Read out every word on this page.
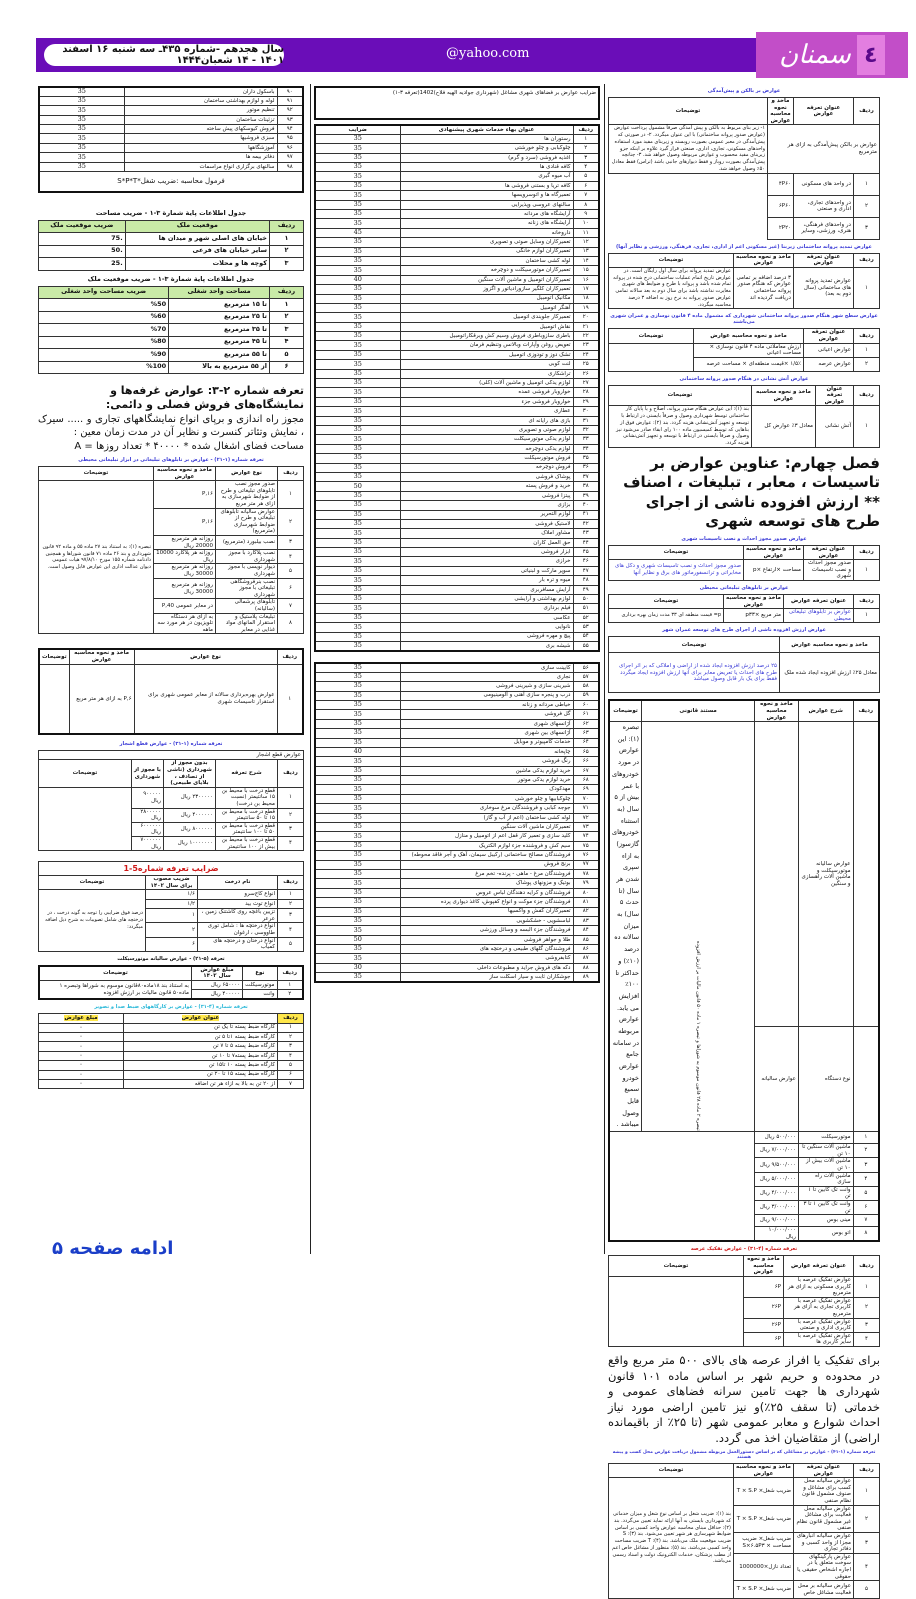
سال هجدهم -شماره ۴۳۵ـ سه شنبه ۱۶ اسفند ۱۴۰۱ - ۱۴ شعبان۱۴۴۴	@yahoo.com	سمنان ٤
۹۰	باسکول داران	35
۹۱	لوله و لوازم بهداشتی ساختمان	35
۹۲	تنظیم موتور	35
۹۳	تزئینات ساختمان	35
۹۴	فروش کیوسکهای پیش ساخته	35
۹۵	سبزی فروشیها	35
۹۶	آموزشگاهها	35
۹۷	دفاتر بیمه ها	35
۹۸	سالنهای برگزاری انواع مراسمات	35
فرمول محاسبه :ضریب شغل*S*P*T		
جدول اطلاعات پایة شمارة ۳-۱ - ضریب مساحت
ردیف	موقعیت ملک	ضریب موقعیت ملک
۱	خیابان های اصلی شهر و میدان ها	.75
۲	سایر خیابان های فرعی	.50
۳	کوچه ها و محلات	.25
جدول اطلاعات پایة شمارة ۳-۱ - ضریب موقعیت ملک
ردیف	مساحت واحد شغلی	ضریب مساحت واحد شغلی
۱	تا ۱۵ مترمربع	%50
۲	تا ۲۵ مترمربع	%60
۳	تا ۳۵ مترمربع	%70
۴	تا ۴۵ مترمربع	%80
۵	تا ۵۵ مترمربع	%90
۶	از ۵۵ مترمربع به بالا	%100
تعرفه شماره ۲-۳: عوارض غرفه‌ها و نمایشگاه‌های فروش فصلی و دائمی:
مجوز راه اندازی و برپای انواع نمایشگاههای تجاری و ..... سیرک ، نمایش وتئاتر کنسرت و نظایر آن در مدت زمان معین :
مساحت فضای اشغال شده * ۴۰۰۰۰ * تعداد روزها = A
تعرفه شماره (۱-۲۱) - عوارض بر تابلوهای تبلیغاتی در ابزار تبلیغاتی محیطی
ردیف	نوع عوارض	ماخذ و نحوه محاسبه عوارض	توضیحات
۱	صدور مجوز نصب تابلوهای تبلیغاتی و طرح از ضوابط شهرسازی به ازای هر متر مربع	۱۶,P	تبصره (۱): به استناد بند ۲۷ ماده ۵۵ و ماده ۹۲ قانون شهرداری و بند ۲۶ ماده ۷۱ قانون شوراها و همچنین دادنامه شماره ۱۵۵ مورخ ۹۷/۸/۱۰ هیات عمومی دیوان عدالت اداری این عوارض قابل وصول است.
۲	عوارض سالیانه تابلوهای تبلیغاتی و طرح از ضوابط شهرسازی (مترمربع)	۱۶,P	
۳	نصب بیلبورد (مترمربع)	روزانه هر مترمربع 20000 ریال	
۴	نصب پلاکارد با مجوز شهرداری	روزانه هر پلاکارد 10000 ریال	
۵	دیوار نویسی با مجوز شهرداری	روزانه هر مترمربع 30000 ریال	
۶	نصب بنرفروشگاهی تبلیغاتی با مجوز شهرداری	روزانه هر مترمربع 30000 ریال	
۷	تابلوهای پرشمالی (سالیانه)	در معابر عمومی 40,P	
۸	تبلیغات پلاستیک و استقرار المانهای مواد غذایی در معابر	به ازای هر دستگاه تلویزیون در هر مورد سه ماهه	
ردیف	نوع عوارض	ماخذ و نحوه محاسبه عوارض	توضیحات
۱	عوارض بهره‌برداری سالانه از معابر عمومی شهری برای استقرار تاسیسات شهری	۶,P به ازای هر متر مربع	
تعرفه شماره (۱-۳۱) - عوارض قطع اشجار
عوارض قطع اشجار				
ردیف	شرح تعرفه	بدون مجوز از شهرداری (ناشی از تصادف ، بلایای طبیعی)	با مجوز از شهرداری	توضیحات
۱	قطع درخت با محیط بن ۱۵ سانتیمتر (نسبت محیط بن درخت)	۲۳۰۰۰۰۰ ریال	۹۰۰۰۰۰ ریال	
۲	قطع درخت با محیط بن ۱۵ تا ۵۰ سانتیمتر	۴۰۰۰۰۰۰ ریال	۲۸۰۰۰۰۰ ریال	
۳	قطع درخت با محیط بن ۵۰ تا ۱۰۰ سانتیمتر	۸۰۰۰۰۰۰ ریال	۶۰۰۰۰۰۰ ریال	
۴	قطع درخت با محیط بن بیش از ۱۰۰ سانتیمتر	۱۰۰۰۰۰۰۰ ریال	۷۰۰۰۰۰۰ ریال	
ضرایب تعرفه شماره5-1			
ردیف	نام درخت	ضریب مصوب برای سال ۱۴۰۲	توضیحات
۱	انواع کاج‌سرو	۱/۶	درصد فوق ضرایبی را توجه به گونه درخت ، در درختچه های شامل تصویبات به شرح ذیل اضافه میگردد:
۲	انواع توت بید	۱/۲	
۳	تزیین باغچه روی کاشتنک زمین ، عرعر	۱	
۴	انواع درختچه ها : شامل توری طاووسی ، ارغوان	۲	
۵	انواع درختان و درختچه های کمیاب	۶	
تعرفه (۵-۲۱) - عوارض سالیانه موتورسیکلت
ردیف	نوع	مبلغ عوارض سال ۱۴۰۲	توضیحات
۱	موتورسیکلت	۶۵۰۰۰۰ ریال	به استناد بند ۱۸ماده۸۰قانون موسوم به شوراها وتبصره ۱ ماده۵۰ قانون مالیات بر ارزش افزوده
۲	وانت	۴۰۰۰۰۰ ریال	
تعرفه شماره (۴-۳۱) - عوارض بر کارگاههای ضبط صدا و تصویر
ردیف	عنوان عوارض	مبلغ عوارض
۱	کارگاه ضبط پسته تا یک تن	۰
۲	کارگاه ضبط پسته ۱تا ۵ تن	۰
۳	کارگاه ضبط پسته ۵ تا ۷ تن	۰
۴	کارگاه ضبط پسته۷ تا ۱۰ تن	۰
۵	کارگاه ضبط پسته ۱۰ تا۱۵ تن	۰
۶	کارگاه ضبط پسته ۱۵ تا ۲۰ تن	۰
۷	از ۲۰ تن به بالا به ازاء هر تن اضافه	۰
ادامه صفحه ۵
ضرایب عوارض بر فضاهای شهری مشاغل (شهرداری جوادیه الهیه فلاح)1402(تعرفه ۳-۱)
ردیف	عنوان بهاء خدمات شهری پیشنهادی	ضرایب
۱	رستوران ها	35
۲	چلوکبابی و چلو خورشتی	35
۳	اغذیه فروشی (سرد و گرم)	35
۴	کافه قنادی ها	35
۵	آب میوه گیری	35
۶	کافه تریا و بستنی فروشی ها	35
۷	تعمیرگاه ها و اتوسرویسها	35
۸	سالنهای عروسی وپذیرایی	35
۹	آرایشگاه های مردانه	35
۱۰	آرایشگاه های زنانه	35
۱۱	داروخانه	45
۱۲	تعمیرکاران وسایل صوتی و تصویری	35
۱۳	تعمیرکاران لوازم خانگی	35
۱۴	لوله کشی ساختمان	35
۱۵	تعمیرکاران موتورسیکلت و دوچرخه	35
۱۶	تعمیرکاران اتومبیل و ماشین آلات سنگین	40
۱۷	تعمیرکاران کلگیر سازورادیاتور و اگزوز	35
۱۸	مکانیک اتومبیل	35
۱۹	آهنگر اتومبیل	35
۲۰	تعمیرکار جلوبندی اتومبیل	35
۲۱	نقاش اتومبیل	35
۲۲	باطری سازوباطری فروش وسیم کش وبرقکاراتومبیل	35
۲۳	تعویض روغن وآپارات وبالانس وتنظیم فرمان	35
۲۴	تشک دوز و تودوزی اتومبیل	35
۲۵	لنت کوبی	35
۲۶	تراشکاری	35
۲۷	لوازم یدکی اتومبیل و ماشین آلات (کلی)	35
۲۸	خواروبار فروشی عمده	35
۲۹	خواروبار فروشی جزء	35
۳۰	عطاری	35
۳۱	بازی های رایانه ای	35
۳۲	لوازم صوتی و تصویری	35
۳۳	لوازم یدکی موتورسیکلت	35
۳۴	لوازم یدکی دوچرخه	35
۳۵	فروش موتورسیکلت	35
۳۶	فروش دوچرخه	35
۳۷	پوشاک فروشی	35
۳۸	خرید و فروش پسته	50
۳۹	پیتزا فروشی	35
۴۰	بزازی	35
۴۱	لوازم التحریر	35
۴۲	لاستیک فروشی	35
۴۳	مشاور املاک	35
۴۴	حق العمل کاران	35
۴۵	ابزار فروشی	35
۴۶	خرازی	35
۴۷	سوپر مارکت و لبنیاتی	35
۴۸	میوه و تره بار	35
۴۹	آرایش مسافربری	35
۵۰	لوازم بهداشتی و آرایشی	35
۵۱	فیلم برداری	35
۵۲	عکاسی	35
۵۳	نانوایی	35
۵۴	پیچ و مهره فروشی	35
۵۵	شیشه بری	35
۵۶	کابینت سازی	35
۵۷	نجاری	35
۵۸	شیرینی سازی و شیرینی فروشی	35
۵۹	درب و پنجره سازی آهنی و آلومینیومی	35
۶۰	خیاطی مردانه و زنانه	35
۶۱	گل فروشی	35
۶۲	آژانسهای شهری	35
۶۳	آژانسهای بین شهری	35
۶۴	خدمات کامپیوتر و موبایل	35
۶۵	چاپخانه	40
۶۶	رنگ فروشی	35
۶۷	خرید لوازم یدکی ماشین	35
۶۸	خرید لوازم یدکی موتور	35
۶۹	مهدکودک	35
۷۰	چلوکبابیها و چلو خورشی	35
۷۱	جوجه کبابی و فروشندگان مرغ سوخاری	35
۷۲	لوله کشی ساختمان (اعم از آب و گاز)	35
۷۳	تعمیرکاران ماشین آلات سنگین	35
۷۴	کلید سازی و تعمیر کار قفل اعم از اتومبیل و منازل	35
۷۵	سیم کش و فروشنده جزء لوازم الکتریک	35
۷۶	فروشندگان مصالح ساختمانی (رکیبل سیمان، آهک و آجر فاقد محوطه)	35
۷۷	برنج فروش	35
۷۸	فروشندگان مرغ - ماهی - پرنده- تخم مرغ	35
۷۹	بوتیک و مزونهای پوشاک	35
۸۰	فروشندگان و کرایه دهندگان لباس عروس	35
۸۱	فروشندگان جزء موکت و انواع کفپوش، کاغذ دیواری پرده	35
۸۲	تعمیرکاران کفش و واکسیها	35
۸۳	لباسشویی - خشکشویی	35
۸۴	فروشندگان جزء البسه و وسائل ورزشی	35
۸۵	طلا و جواهر فروشی	50
۸۶	فروشندگان گلهای طبیعی و درختچه های	35
۸۷	کتابفروشی	35
۸۸	دکه های فروش جراید و مطبوعات داخلی	30
۸۹	جوشکاران ثابت و سیار اسکلت ساز	35
عوارض بر بالکن و پیش‌آمدگی
ردیف	عنوان تعرفه عوارض	ماخذ و نحوه محاسبه عوارض	توضیحات
عوارض بر بالکن پیش‌آمدگی به ازای هر مترمربع			۱- زیر بنای مربوط به بالکن و پیش آمدگی صرفاً مشمول پرداخت عوارض (عوارض صدور پروانه ساختمانی) با این عنوان میگردد. ۲- در صورتی که پیش‌آمدگی در معبر عمومی بصورت روبسته و زیربنای مفید مورد استفاده واحدهای مسکونی، تجاری، اداری، صنعتی قرار گیرد علاوه بر اینکه جزو زیربنای مفید محسوب و عوارض مربوطه وصول خواهد شد. ۳- چنانچه پیش‌آمدگی بصورت روباز و فقط دیوارهای جانبی باشد (تراس) فقط معادل ۵۰٪ وصول خواهد شد.
۱	در واحد های مسکونی	۴P۶۰	
۲	در واحدهای تجاری، اداری و صنعتی	۶P۶۰	
۳	در واحدهای فرهنگی، هنری، ورزشی، وسایر	۲P۲۰	
عوارض تمدید پروانه ساختمانی زیربنا (غیر مسکونی اعم از اداری، تجاری، فرهنگی، ورزشی و نظایر آنها)
ردیف	عنوان تعرفه عوارض	ماخذ و نحوه محاسبه عوارض	توضیحات
۱	عوارض تمدید پروانه های ساختمانی (سال دوم به بعد)	۳ درصد اضافه بر تمامی عوارض که هنگام صدور پروانه ساختمانی دریافت گردیده اند	عوارض تمدید پروانه برای سال اول رایگان است. در عوارض تاریخ اتمام عملیات ساختمانی درج شده در پروانه تمام شده باشد و پروانه با طرح و ضوابط های شهری مغایرت نداشته باشد برای سال دوم به بعد سالانه تمامی عوارض صدور پروانه به نرخ روز به اضافه ۳ درصد محاسبه میگردد.
عوارض سطح شهر هنگام صدور پروانه ساختمانی شهرداری که مشمول ماده ۴ قانون نوسازی و عمران شهری می‌باشند
ردیف	عنوان تعرفه عوارض	ماخذ و نحوه محاسبه عوارض	توضیحات
۱	عوارض اعیانی	ارزش معاملاتی ماده ۴ قانون نوسازی × مساحت اعیانی	
۲	عوارض عرصه	۱/۵٪ ×قیمت منطقه‌ای × مساحت عرصه	
عوارض آتش نشانی در هنگام صدور پروانه ساختمانی
ردیف	عنوان تعرفه عوارض	ماخذ و نحوه محاسبه عوارض	توضیحات
۱	آتش نشانی	معادل ۳٪ عوارض کل	بند (۱): این عوارض هنگام صدور پروانه، اصلاح و یا پایان کار ساختمانی توسط شهرداری وصول و صرفاً بایستی در ارتباط با توسعه و تجهیز آتش‌نشانی هزینه گردد. بند (۲): عوارض فوق از بناهایی که توسط کمیسیون ماده ۱۰۰ رای ابقاء صادر می‌شود نیز وصول و صرفاً بایستی در ارتباط با توسعه و تجهیز آتش‌نشانی هزینه گردد.
فصل چهارم: عناوین عوارض بر تاسیسات ، معابر ، تبلیغات ، اصناف ** ارزش افزوده ناشی از اجرای طرح های توسعه شهری
عوارض صدور مجوز احداث و نصب تاسیسات شهری
ردیف	عنوان تعرفه عوارض	ماخذ و نحوه محاسبه عوارض	توضیحات
۱	صدور مجوز احداث و نصب تاسیسات شهری	مساحت ×ارتفاع ×p	صدور مجوز احداث و نصب تاسیسات شهری و دکل های مخابراتی و ترانسفورماتور های برق و نظایر آنها
عوارض بر تابلوهای تبلیغاتی محیطی
ردیف	عنوان تعرفه عوارض	ماخذ و نحوه محاسبه عوارض	توضیحات
۱	عوارض بر تابلوهای تبلیغاتی محیطی	متر مربع ×p۳۳	p= قیمت منطقه ای ۳۳ مدت زمان بهره برداری
عوارض ارزش افزوده ناشی از اجرای طرح های توسعه عمران شهر
ماخذ و نحوه محاسبه عوارض	توضیحات
معادل ۲۵٪ ارزش افزوده ایجاد شده ملک	۲۵ درصد ارزش افزوده ایجاد شده از اراضی و املاکی که بر اثر اجرای طرح های احداث یا تعریض معابر برای آنها ارزش افزوده ایجاد میگردد فقط برای یک بار قابل وصول میباشد
ردیف	شرح عوارض	ماخذ و نحوه محاسبه عوارض	مستند قانونی	توضیحات
	عوارض سالیانه موتورسیکلت و ماشین آلات راهسازی و سنگین		تبصره ۲ ماده ۲۸ قانون موسوم به شوراها و تبصره ۱ ماده ۵۰ قانون مالیات بر ارزش افزوده	تبصره (۱): این عوارض در مورد خودروهای با عمر بیش از ۵ سال (به استثناء خودروهای گازسوز) به ازاء سپری شدن هر سال (تا حدث ۵ سال) به میزان سالانه ده درصد (۱۰٪) و حداکثر تا ۱۰۰٪ افزایش می یابد. عوارض مربوطه در سامانه جامع عوارض خودرو سمیع قابل وصول میباشد .
	نوع دستگاه	عوارض سالیانه		
۱	موتورسیکلت	۵۰۰/۰۰۰ ریال		
۲	ماشین آلات سنگین تا ۱۰ تن	۷/۰۰۰/۰۰۰ ریال		
۳	ماشین آلات بیش از ۱۰ تن	۹/۵۰۰/۰۰۰ ریال		
۴	ماشین آلات راه سازی	۵/۰۰۰/۰۰۰ ریال		
۵	وانت تک کابین تا ۱ تن	۴/۰۰۰/۰۰۰ ریال		
۶	وانت تک کابین ۱ تا ۳ تن	۳/۰۰۰/۰۰۰ ریال		
۷	مینی بوس	۹/۰۰۰/۰۰۰ ریال		
۸	اتو بوس	۱۰/۰۰۰/۰۰۰ ریال		
تعرفه شماره (۴-۳۱) - عوارض تفکیک عرصه
ردیف	عنوان تعرفه عوارض	ماخذ و نحوه محاسبه عوارض	توضیحات
۱	عوارض تفکیک عرصه با کاربری مسکونی به ازای هر مترمربع	۶P	
۲	عوارض تفکیک عرصه با کاربری تجاری به ازای هر مترمربع	۲۶P	
۳	عوارض تفکیک عرصه با کاربری اداری و صنعتی	۲۶P	
۴	عوارض تفکیک عرصه با سایر کاربری ها	۶P	
برای تفکیک یا افراز عرصه های بالای ۵۰۰ متر مربع واقع در محدوده و حریم شهر بر اساس ماده ۱۰۱ قانون شهرداری ها جهت تامین سرانه فضاهای عمومی و خدماتی (تا سقف ۲۵٪)و نیز تامین اراضی مورد نیاز احداث شوارع و معابر عمومی شهر (تا ۲۵٪ از باقیمانده اراضی) از متقاضیان اخذ می گردد.
تعرفه شماره (۱-۴۱) - عوارض بر مشاغلی که بر اساس دستورالعمل مربوطه مشمول دریافت عوارض محل کسب و پیشه هستند
ردیف	عنوان تعرفه عوارض	ماخذ و نحوه محاسبه عوارض	توضیحات
۱	عوارض سالیانه محل کسب برای مشاغل و صنوف مشمول قانون نظام صنفی	ضریب شغل× T × S.P	بند (۱): ضریب شغل بر اساس نوع شغل و میزان خدماتی که شهرداری بایستی به آنها ارائه نماید تعیین می‌گردد. بند (۲): حداقل مبنای محاسبه عوارض واحد کسبی بر اساس ضوابط شهرسازی هر شهر تعیین می‌شود. بند (۳): S ضریب موقعیت ملک می‌باشد. بند (۴): T ضریب مساحت واحد کسبی می‌باشد. بند (۵): منظور از مشاغل خاص اعم از مطب پزشکان، خدمات الکترونیک دولت و اسناد رسمی می‌باشد.
۲	عوارض سالیانه محل فعالیت برای مشاغل غیر مشمول قانون نظام صنفی	ضریب شغل× T × S.P	
۳	عوارض سالیانه انبارهای مجزا از واحد کسبی و دفاتر تجاری	ضریب شغل× ضریب مساحت × S×۶.۵P۳	
۴	عوارض پارکینگهای سوخت متعلق یا در اجاره اشخاص حقیقی یا حقوقی	تعداد نازل×1000000	
۵	عوارض سالیانه بر محل فعالیت مشاغل خاص	ضریب شغل× T × S.P	
